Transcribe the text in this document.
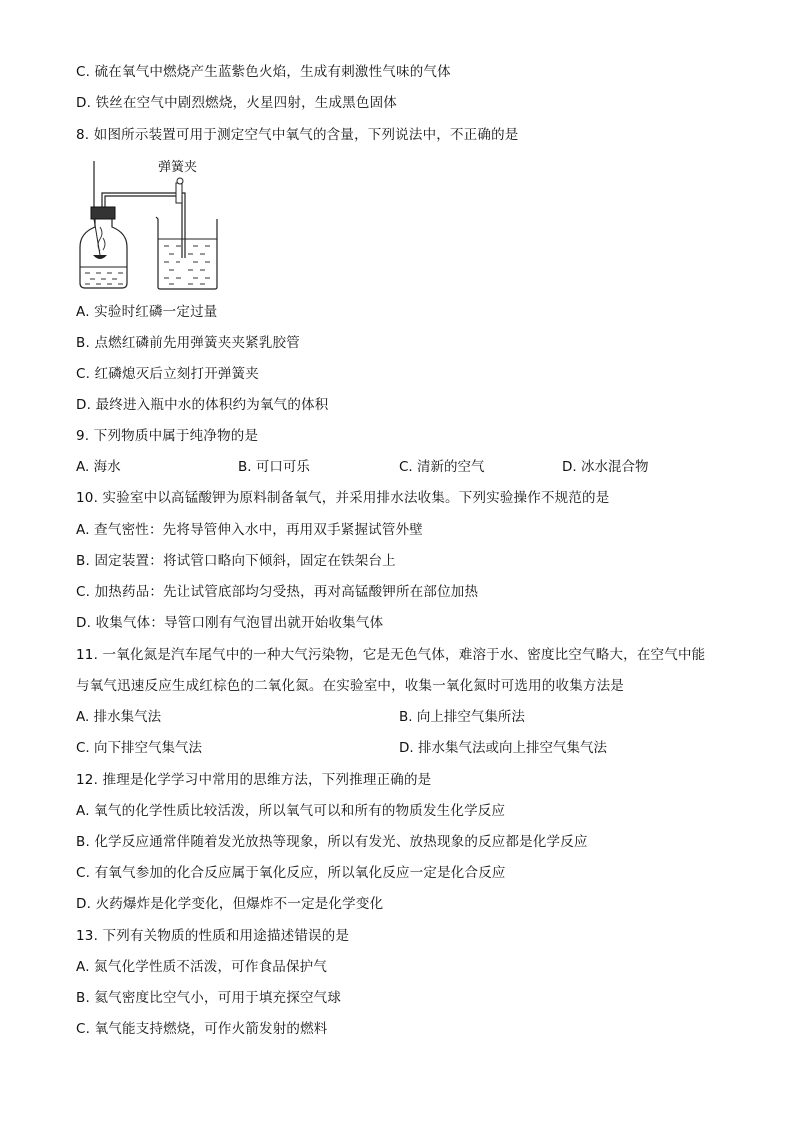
C. 硫在氧气中燃烧产生蓝紫色火焰，生成有刺激性气味的气体
D. 铁丝在空气中剧烈燃烧，火星四射，生成黑色固体
8. 如图所示装置可用于测定空气中氧气的含量，下列说法中，不正确的是
弹簧夹
A. 实验时红磷一定过量
B. 点燃红磷前先用弹簧夹夹紧乳胶管
C. 红磷熄灭后立刻打开弹簧夹
D. 最终进入瓶中水的体积约为氧气的体积
9. 下列物质中属于纯净物的是
A. 海水	B. 可口可乐	C. 清新的空气	D. 冰水混合物
10. 实验室中以高锰酸钾为原料制备氧气，并采用排水法收集。下列实验操作不规范的是
A. 查气密性：先将导管伸入水中，再用双手紧握试管外壁
B. 固定装置：将试管口略向下倾斜，固定在铁架台上
C. 加热药品：先让试管底部均匀受热，再对高锰酸钾所在部位加热
D. 收集气体：导管口刚有气泡冒出就开始收集气体
11. 一氧化氮是汽车尾气中的一种大气污染物，它是无色气体，难溶于水、密度比空气略大，在空气中能
与氧气迅速反应生成红棕色的二氧化氮。在实验室中，收集一氧化氮时可选用的收集方法是
A. 排水集气法	B. 向上排空气集所法
C. 向下排空气集气法	D. 排水集气法或向上排空气集气法
12. 推理是化学学习中常用的思维方法，下列推理正确的是
A. 氧气的化学性质比较活泼，所以氧气可以和所有的物质发生化学反应
B. 化学反应通常伴随着发光放热等现象，所以有发光、放热现象的反应都是化学反应
C. 有氧气参加的化合反应属于氧化反应，所以氧化反应一定是化合反应
D. 火药爆炸是化学变化，但爆炸不一定是化学变化
13. 下列有关物质的性质和用途描述错误的是
A. 氮气化学性质不活泼，可作食品保护气
B. 氦气密度比空气小，可用于填充探空气球
C. 氧气能支持燃烧，可作火箭发射的燃料
